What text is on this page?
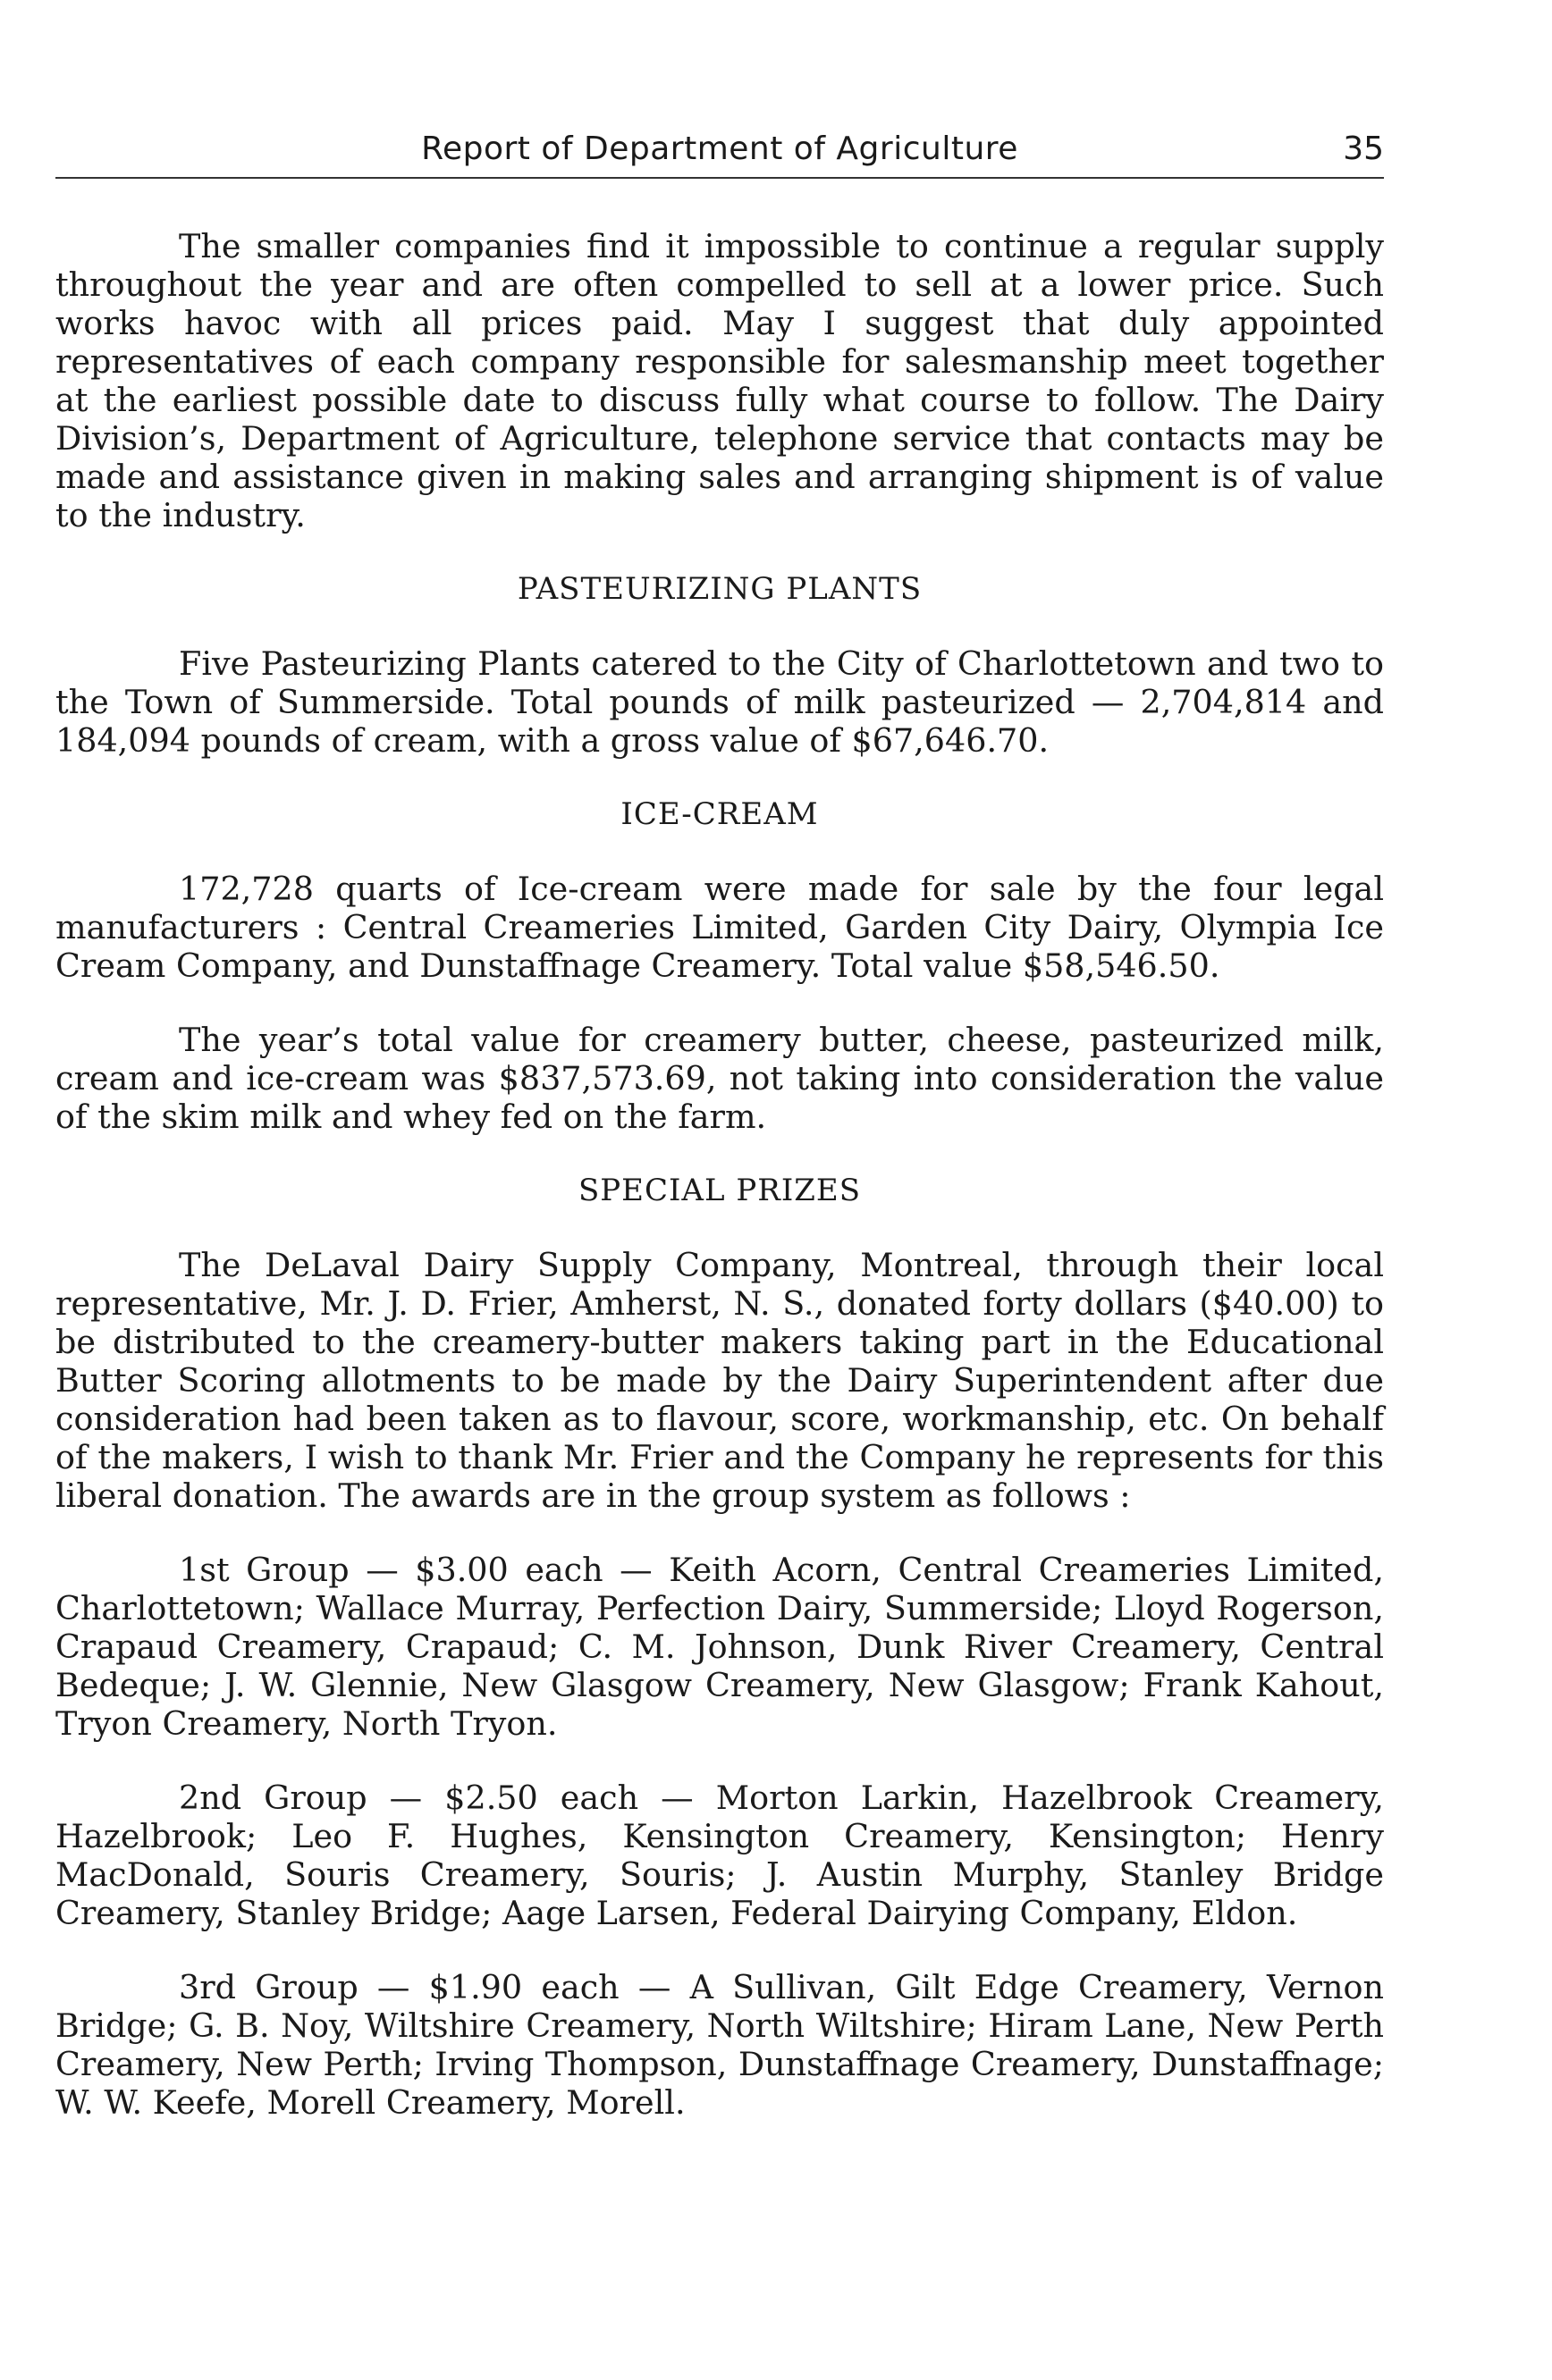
Report of Department of Agriculture	35

The smaller companies find it impossible to continue a regular supply throughout the year and are often compelled to sell at a lower price. Such works havoc with all prices paid. May I suggest that duly appointed representatives of each company responsible for salesmanship meet together at the earliest possible date to discuss fully what course to follow. The Dairy Division’s, Department of Agriculture, telephone service that contacts may be made and assistance given in making sales and arranging shipment is of value to the industry.

PASTEURIZING PLANTS

Five Pasteurizing Plants catered to the City of Charlottetown and two to the Town of Summerside. Total pounds of milk pasteurized — 2,704,814 and 184,094 pounds of cream, with a gross value of $67,646.70.

ICE-CREAM

172,728 quarts of Ice-cream were made for sale by the four legal manufacturers : Central Creameries Limited, Garden City Dairy, Olympia Ice Cream Company, and Dunstaffnage Creamery. Total value $58,546.50.

The year’s total value for creamery butter, cheese, pasteurized milk, cream and ice-cream was $837,573.69, not taking into consideration the value of the skim milk and whey fed on the farm.

SPECIAL PRIZES

The DeLaval Dairy Supply Company, Montreal, through their local representative, Mr. J. D. Frier, Amherst, N. S., donated forty dollars ($40.00) to be distributed to the creamery-butter makers taking part in the Educational Butter Scoring allotments to be made by the Dairy Superintendent after due consideration had been taken as to flavour, score, workmanship, etc. On behalf of the makers, I wish to thank Mr. Frier and the Company he represents for this liberal donation. The awards are in the group system as follows :

1st Group — $3.00 each — Keith Acorn, Central Creameries Limited, Charlottetown; Wallace Murray, Perfection Dairy, Summerside; Lloyd Rogerson, Crapaud Creamery, Crapaud; C. M. Johnson, Dunk River Creamery, Central Bedeque; J. W. Glennie, New Glasgow Creamery, New Glasgow; Frank Kahout, Tryon Creamery, North Tryon.

2nd Group — $2.50 each — Morton Larkin, Hazelbrook Creamery, Hazelbrook; Leo F. Hughes, Kensington Creamery, Kensington; Henry MacDonald, Souris Creamery, Souris; J. Austin Murphy, Stanley Bridge Creamery, Stanley Bridge; Aage Larsen, Federal Dairying Company, Eldon.

3rd Group — $1.90 each — A Sullivan, Gilt Edge Creamery, Vernon Bridge; G. B. Noy, Wiltshire Creamery, North Wiltshire; Hiram Lane, New Perth Creamery, New Perth; Irving Thompson, Dunstaffnage Creamery, Dunstaffnage; W. W. Keefe, Morell Creamery, Morell.
